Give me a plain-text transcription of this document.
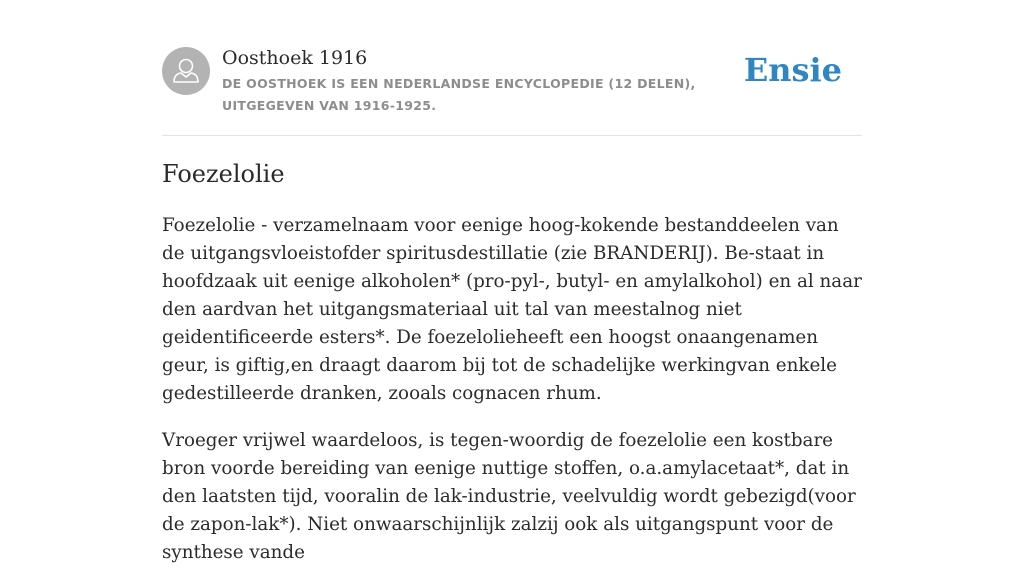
Oosthoek 1916
DE OOSTHOEK IS EEN NEDERLANDSE ENCYCLOPEDIE (12 DELEN), UITGEGEVEN VAN 1916-1925.
Ensie
Foezelolie

Foezelolie - verzamelnaam voor eenige hoog-kokende bestanddeelen van de uitgangsvloeistofder spiritusdestillatie (zie BRANDERIJ). Be-staat in hoofdzaak uit eenige alkoholen* (pro-pyl-, butyl- en amylalkohol) en al naar den aardvan het uitgangsmateriaal uit tal van meestalnog niet geidentificeerde esters*. De foezelolieheeft een hoogst onaangenamen geur, is giftig,en draagt daarom bij tot de schadelijke werkingvan enkele gedestilleerde dranken, zooals cognacen rhum.

Vroeger vrijwel waardeloos, is tegen-woordig de foezelolie een kostbare bron voorde bereiding van eenige nuttige stoffen, o.a.amylacetaat*, dat in den laatsten tijd, vooralin de lak-industrie, veelvuldig wordt gebezigd(voor de zapon-lak*). Niet onwaarschijnlijk zalzij ook als uitgangspunt voor de synthese vande
